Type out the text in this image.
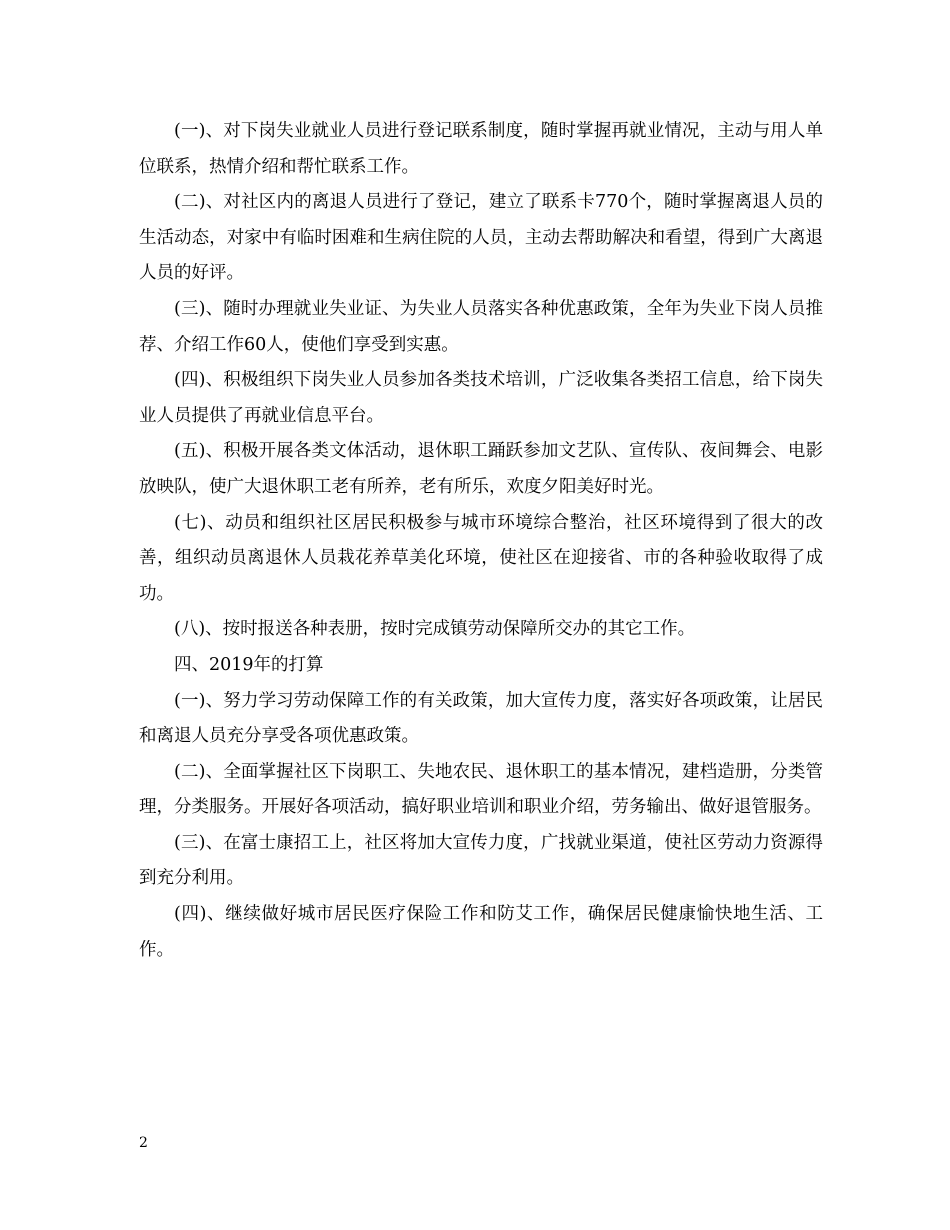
(一)、对下岗失业就业人员进行登记联系制度，随时掌握再就业情况，主动与用人单位联系，热情介绍和帮忙联系工作。

(二)、对社区内的离退人员进行了登记，建立了联系卡770个，随时掌握离退人员的生活动态，对家中有临时困难和生病住院的人员，主动去帮助解决和看望，得到广大离退人员的好评。

(三)、随时办理就业失业证、为失业人员落实各种优惠政策，全年为失业下岗人员推荐、介绍工作60人，使他们享受到实惠。

(四)、积极组织下岗失业人员参加各类技术培训，广泛收集各类招工信息，给下岗失业人员提供了再就业信息平台。

(五)、积极开展各类文体活动，退休职工踊跃参加文艺队、宣传队、夜间舞会、电影放映队，使广大退休职工老有所养，老有所乐，欢度夕阳美好时光。

(七)、动员和组织社区居民积极参与城市环境综合整治，社区环境得到了很大的改善，组织动员离退休人员栽花养草美化环境，使社区在迎接省、市的各种验收取得了成功。

(八)、按时报送各种表册，按时完成镇劳动保障所交办的其它工作。

四、2019年的打算

(一)、努力学习劳动保障工作的有关政策，加大宣传力度，落实好各项政策，让居民和离退人员充分享受各项优惠政策。

(二)、全面掌握社区下岗职工、失地农民、退休职工的基本情况，建档造册，分类管理，分类服务。开展好各项活动，搞好职业培训和职业介绍，劳务输出、做好退管服务。

(三)、在富士康招工上，社区将加大宣传力度，广找就业渠道，使社区劳动力资源得到充分利用。

(四)、继续做好城市居民医疗保险工作和防艾工作，确保居民健康愉快地生活、工作。

2
